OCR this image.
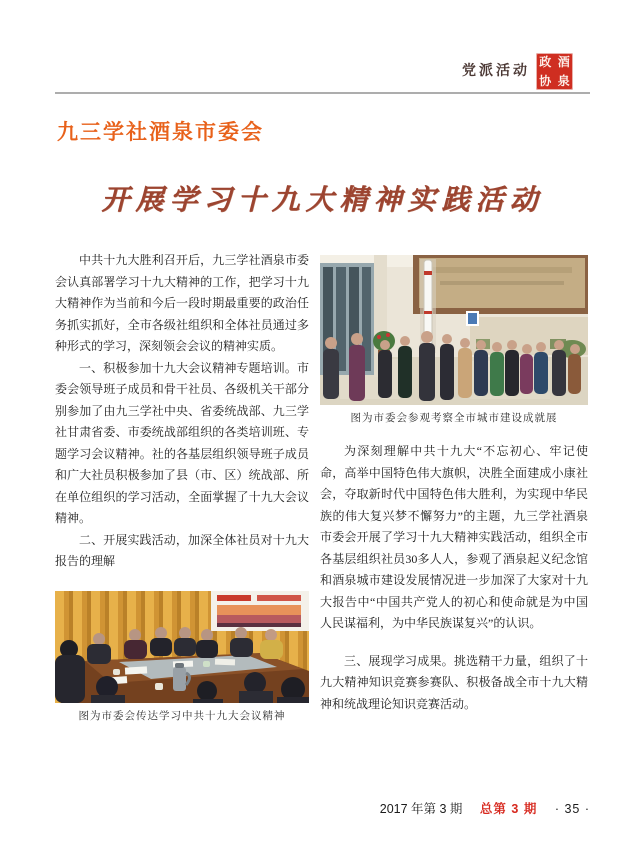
党派活动 政 酒
协 泉
九三学社酒泉市委会
开展学习十九大精神实践活动

中共十九大胜利召开后，九三学社酒泉市委会认真部署学习十九大精神的工作，把学习十九大精神作为当前和今后一段时期最重要的政治任务抓实抓好，全市各级社组织和全体社员通过多种形式的学习，深刻领会会议的精神实质。

一、积极参加十九大会议精神专题培训。市委会领导班子成员和骨干社员、各级机关干部分别参加了由九三学社中央、省委统战部、九三学社甘肃省委、市委统战部组织的各类培训班、专题学习会议精神。社的各基层组织领导班子成员和广大社员积极参加了县（市、区）统战部、所在单位组织的学习活动，全面掌握了十九大会议精神。

二、开展实践活动，加深全体社员对十九大报告的理解

图为市委会传达学习中共十九大会议精神
图为市委会参观考察全市城市建设成就展

为深刻理解中共十九大“不忘初心、牢记使命，高举中国特色伟大旗帜，决胜全面建成小康社会，夺取新时代中国特色伟大胜利，为实现中华民族的伟大复兴梦不懈努力”的主题，九三学社酒泉市委会开展了学习十九大精神实践活动，组织全市各基层组织社员30多人人，参观了酒泉起义纪念馆和酒泉城市建设发展情况进一步加深了大家对十九大报告中“中国共产党人的初心和使命就是为中国人民谋福利，为中华民族谋复兴”的认识。

三、展现学习成果。挑选精干力量，组织了十九大精神知识竞赛参赛队、积极备战全市十九大精神和统战理论知识竞赛活动。

2017 年第 3 期 总第 3 期 · 35 ·
